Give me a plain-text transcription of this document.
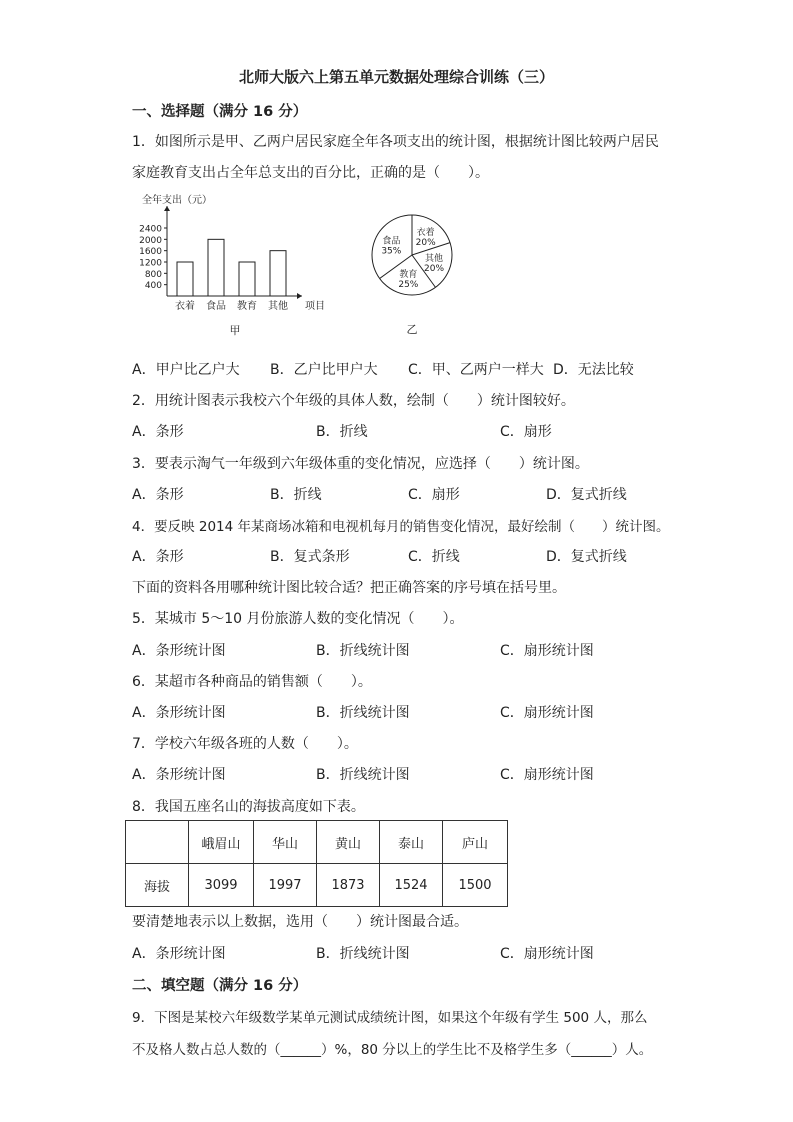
北师大版六上第五单元数据处理综合训练（三）
一、选择题（满分 16 分）
1．如图所示是甲、乙两户居民家庭全年各项支出的统计图，根据统计图比较两户居民
家庭教育支出占全年总支出的百分比，正确的是（　　）。
全年支出（元）
项目
400
800
1200
1600
2000
2400
衣着 食品 教育 其他
甲
衣着
20%
其他
20%
教育
25%
食品
35%
乙
A．甲户比乙户大 B．乙户比甲户大 C．甲、乙两户一样大 D．无法比较
2．用统计图表示我校六个年级的具体人数，绘制（　　）统计图较好。
A．条形	B．折线	C．扇形
3．要表示淘气一年级到六年级体重的变化情况，应选择（　　）统计图。
A．条形	B．折线	C．扇形	D．复式折线
4．要反映 2014 年某商场冰箱和电视机每月的销售变化情况，最好绘制（　　）统计图。
A．条形	B．复式条形	C．折线	D．复式折线
下面的资料各用哪种统计图比较合适？把正确答案的序号填在括号里。
5．某城市 5～10 月份旅游人数的变化情况（　　）。
A．条形统计图	B．折线统计图	C．扇形统计图
6．某超市各种商品的销售额（　　）。
A．条形统计图	B．折线统计图	C．扇形统计图
7．学校六年级各班的人数（　　）。
A．条形统计图	B．折线统计图	C．扇形统计图
8．我国五座名山的海拔高度如下表。
	峨眉山	华山	黄山	泰山	庐山
海拔	3099	1997	1873	1524	1500
要清楚地表示以上数据，选用（　　）统计图最合适。
A．条形统计图	B．折线统计图	C．扇形统计图
二、填空题（满分 16 分）
9．下图是某校六年级数学某单元测试成绩统计图，如果这个年级有学生 500 人，那么
不及格人数占总人数的（______）%，80 分以上的学生比不及格学生多（______）人。
